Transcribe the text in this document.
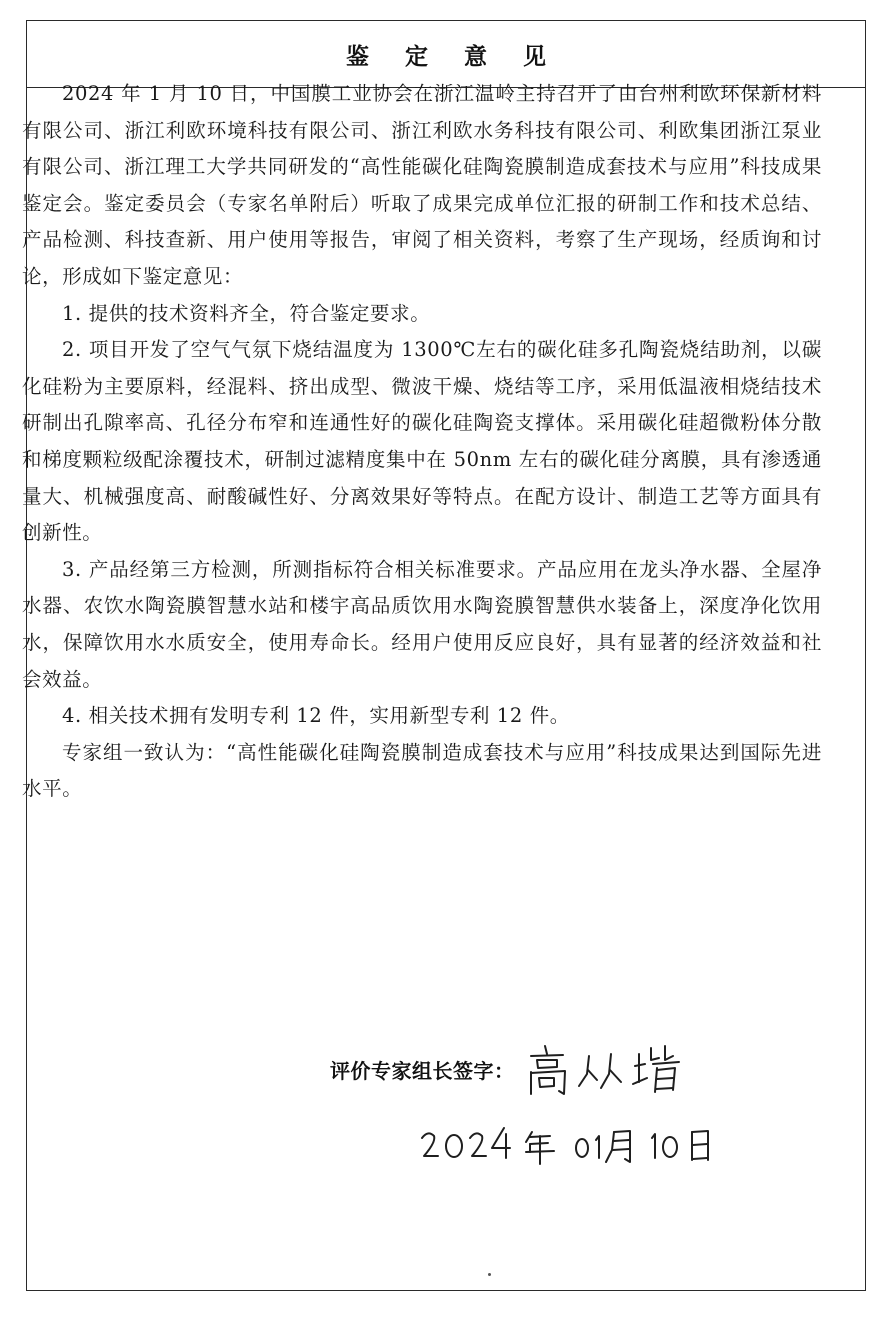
鉴 定 意 见

2024 年 1 月 10 日，中国膜工业协会在浙江温岭主持召开了由台州利欧环保新材料有限公司、浙江利欧环境科技有限公司、浙江利欧水务科技有限公司、利欧集团浙江泵业有限公司、浙江理工大学共同研发的“高性能碳化硅陶瓷膜制造成套技术与应用”科技成果鉴定会。鉴定委员会（专家名单附后）听取了成果完成单位汇报的研制工作和技术总结、产品检测、科技查新、用户使用等报告，审阅了相关资料，考察了生产现场，经质询和讨论，形成如下鉴定意见：

1. 提供的技术资料齐全，符合鉴定要求。

2. 项目开发了空气气氛下烧结温度为 1300℃左右的碳化硅多孔陶瓷烧结助剂，以碳化硅粉为主要原料，经混料、挤出成型、微波干燥、烧结等工序，采用低温液相烧结技术研制出孔隙率高、孔径分布窄和连通性好的碳化硅陶瓷支撑体。采用碳化硅超微粉体分散和梯度颗粒级配涂覆技术，研制过滤精度集中在 50nm 左右的碳化硅分离膜，具有渗透通量大、机械强度高、耐酸碱性好、分离效果好等特点。在配方设计、制造工艺等方面具有创新性。

3. 产品经第三方检测，所测指标符合相关标准要求。产品应用在龙头净水器、全屋净水器、农饮水陶瓷膜智慧水站和楼宇高品质饮用水陶瓷膜智慧供水装备上，深度净化饮用水，保障饮用水水质安全，使用寿命长。经用户使用反应良好，具有显著的经济效益和社会效益。

4. 相关技术拥有发明专利 12 件，实用新型专利 12 件。

专家组一致认为：“高性能碳化硅陶瓷膜制造成套技术与应用”科技成果达到国际先进水平。

评价专家组长签字：
